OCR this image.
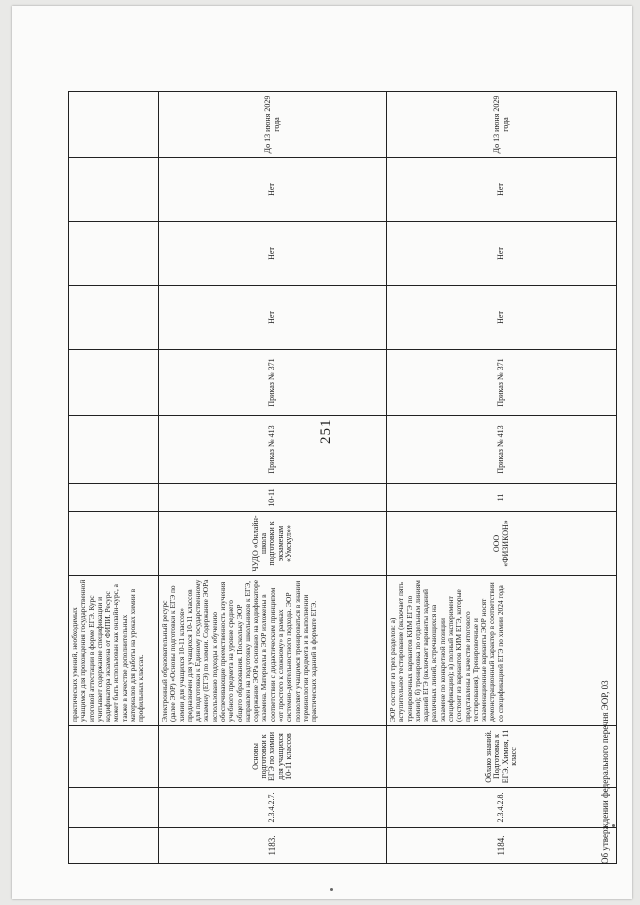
251
			практических умений, необходимых учащимся для прохождения государственной итоговой аттестации в форме ЕГЭ. Курс учитывает содержание спецификации и кодификатора экзамена от ФИПИ. Ресурс может быть использован как онлайн-курс, а также в качестве дополнительных материалов для работы на уроках химии в профильных классах.								
1183.	2.3.4.2.7.	Основы подготовки к ЕГЭ по химии для учащихся 10-11 классов	Электронный образовательный ресурс (далее ЭОР) «Основы подготовки к ЕГЭ по химии для учащихся 10-11 классов» предназначен для учащихся 10-11 классов для подготовки к Единому государственному экзамену (ЕГЭ) по химии. Содержание ЭОРа использовано подходы к обучению обеспечивающие преемственность изучения учебного предмета на уровне среднего общего образования. Поскольку ЭОР направлен на подготовку школьников к ЕГЭ, содержание ЭОРа основано на кодификаторе экзамена. Материалы в ЭОР изложены в соответствии с дидактическим принципом «от простого к сложному» в рамках системно-деятельностного подхода. ЭОР позволяет учащимся тренироваться в знании терминологии предмета и в выполнении практических заданий в формате ЕГЭ.	ЧУДО «Онлайн-школа подготовки к экзаменам «Умскул»»	10-11	Приказ № 413	Приказ № 371	Нет	Нет	Нет	До 13 июня 2029 года
1184.	2.3.4.2.8.	Облако знаний. Подготовка к ЕГЭ. Химия, 11 класс	ЭОР состоит из трех разделов: а) вступительное тестирование (включает пять тренировочных вариантов КИМ ЕГЭ по химии); б) тренировка по отдельным линиям заданий ЕГЭ (включает варианты заданий различных линий, встречающихся на экзамене по конкретной позиции спецификации); в) полный эксперимент (состоит из вариантов КИМ ЕГЭ, которые представлены в качестве итогового тестирования). Тренировочные и экзаменационные варианты ЭОР носят демонстрационный характер в соответствии со спецификацией ЕГЭ по химии 2024 года	ООО «ФИЗИКОН»	11	Приказ № 413	Приказ № 371	Нет	Нет	Нет	До 13 июня 2029 года
Об утверждении федерального перечня ЭОР, 03
